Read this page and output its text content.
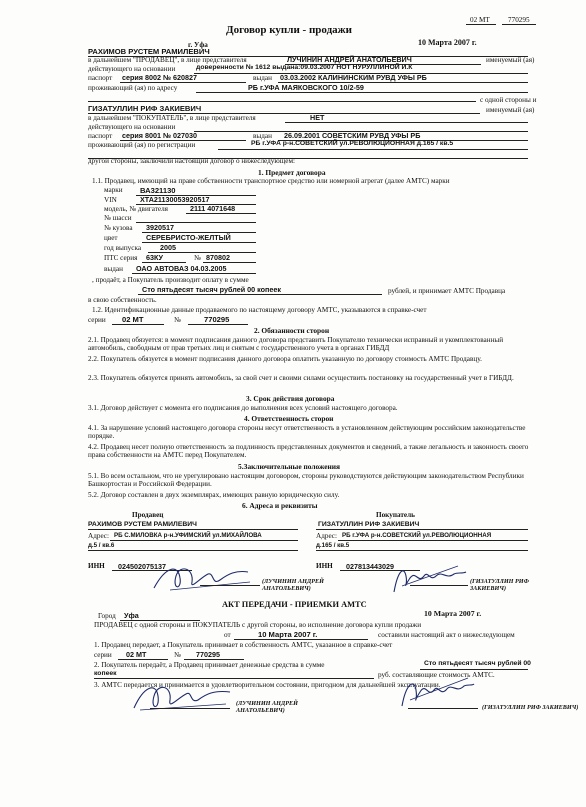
02 МТ	770295
Договор купли - продажи
г. Уфа	10 Марта 2007 г.
РАХИМОВ РУСТЕМ РАМИЛЕВИЧ
в дальнейшем "ПРОДАВЕЦ", в лице представителя	ЛУЧИНИН АНДРЕЙ АНАТОЛЬЕВИЧ	именуемый (ая)
действующего на основании	доверенности № 1612 выдана:09.03.2007 НОТ НУРУЛЛИНОЙ И.К
паспорт серия 8002 № 620827	выдан 03.03.2002 КАЛИНИНСКИМ РУВД УФЫ РБ
проживающий (ая) по адресу	РБ г.УФА МАЯКОВСКОГО 10/2-59
с одной стороны и
ГИЗАТУЛЛИН РИФ ЗАКИЕВИЧ	именуемый (ая)
в дальнейшем "ПОКУПАТЕЛЬ", в лице представителя	НЕТ
действующего на основании
паспорт серия 8001 № 027030	выдан 26.09.2001 СОВЕТСКИМ РУВД УФЫ РБ
проживающий (ая) по регистрации	РБ г.УФА р-н.СОВЕТСКИЙ ул.РЕВОЛЮЦИОННАЯ д.165 / кв.5
другой стороны, заключили настоящий договор о нижеследующем:
1. Предмет договора
1.1. Продавец, имеющий на праве собственности транспортное средство или номерной агрегат (далее АМТС) марки
марки ВА321130
VIN	ХТА21130053920517
модель, № двигателя	2111 4071648
№ шасси
№ кузова 3920517
цвет	СЕРЕБРИСТО-ЖЕЛТЫЙ
год выпуска	2005
ПТС серия 63КУ	№ 870802
выдан ОАО АВТОВАЗ 04.03.2005
, продаёт, а Покупатель производит оплату в сумме
Сто пятьдесят тысяч рублей 00 копеек	рублей, и принимает АМТС Продавца
в свою собственность.
1.2. Идентификационные данные продаваемого по настоящему договору АМТС, указываются в справке-счет
серии 02 МТ	№	770295
2. Обязанности сторон
2.1. Продавец обязуется: в момент подписания данного договора представить Покупателю технически исправный и укомплектованный автомобиль, свободным от прав третьих лиц и снятым с государственного учета в органах ГИБДД
2.2. Покупатель обязуется в момент подписания данного договора оплатить указанную по договору стоимость АМТС Продавцу.
2.3. Покупатель обязуется принять автомобиль, за свой счет и своими силами осуществить постановку на государственный учет в ГИБДД.
3. Срок действия договора
3.1. Договор действует с момента его подписания до выполнения всех условий настоящего договора.
4. Ответственность сторон
4.1. За нарушение условий настоящего договора стороны несут ответственность в установленном действующим российским законодательстве порядке.
4.2. Продавец несет полную ответственность за подлинность представленных документов и сведений, а также легальность и законность своего права собственности на АМТС перед Покупателем.
5.Заключительные положения
5.1. Во всем остальном, что не урегулировано настоящим договором, стороны руководствуются действующим законодательством Республики Башкортостан и Российской Федерации.
5.2. Договор составлен в двух экземплярах, имеющих равную юридическую силу.
6. Адреса и реквизиты
Продавец	Покупатель
РАХИМОВ РУСТЕМ РАМИЛЕВИЧ	ГИЗАТУЛЛИН РИФ ЗАКИЕВИЧ
Адрес: РБ С.МИЛОВКА р-н.УФИМСКИЙ ул.МИХАЙЛОВА
д.5 / кв.6
Адрес: РБ г.УФА р-н.СОВЕТСКИЙ ул.РЕВОЛЮЦИОННАЯ
д.165 / кв.5
ИНН 024502075137	ИНН 027813443029
(ЛУЧИНИН АНДРЕЙ
АНАТОЛЬЕВИЧ)
(ГИЗАТУЛЛИН РИФ
ЗАКИЕВИЧ)
АКТ ПЕРЕДАЧИ - ПРИЕМКИ АМТС
Город Уфа	10 Марта 2007 г.
ПРОДАВЕЦ с одной стороны и ПОКУПАТЕЛЬ с другой стороны, во исполнение договора купли продажи
от	10 Марта 2007 г.	составили настоящий акт о нижеследующем
1. Продавец передает, а Покупатель принимает в собственность АМТС, указанное в справке-счет
серии 02 МТ	№ 770295
2. Покупатель передаёт, а Продавец принимает денежные средства в сумме	Сто пятьдесят тысяч рублей 00
копеек	руб. составляющие стоимость АМТС.
3. АМТС передается и принимается в удовлетворительном состоянии, пригодном для дальнейшей эксплуатации.
(ЛУЧИНИН АНДРЕЙ АНАТОЛЬЕВИЧ)	(ГИЗАТУЛЛИН РИФ ЗАКИЕВИЧ)
